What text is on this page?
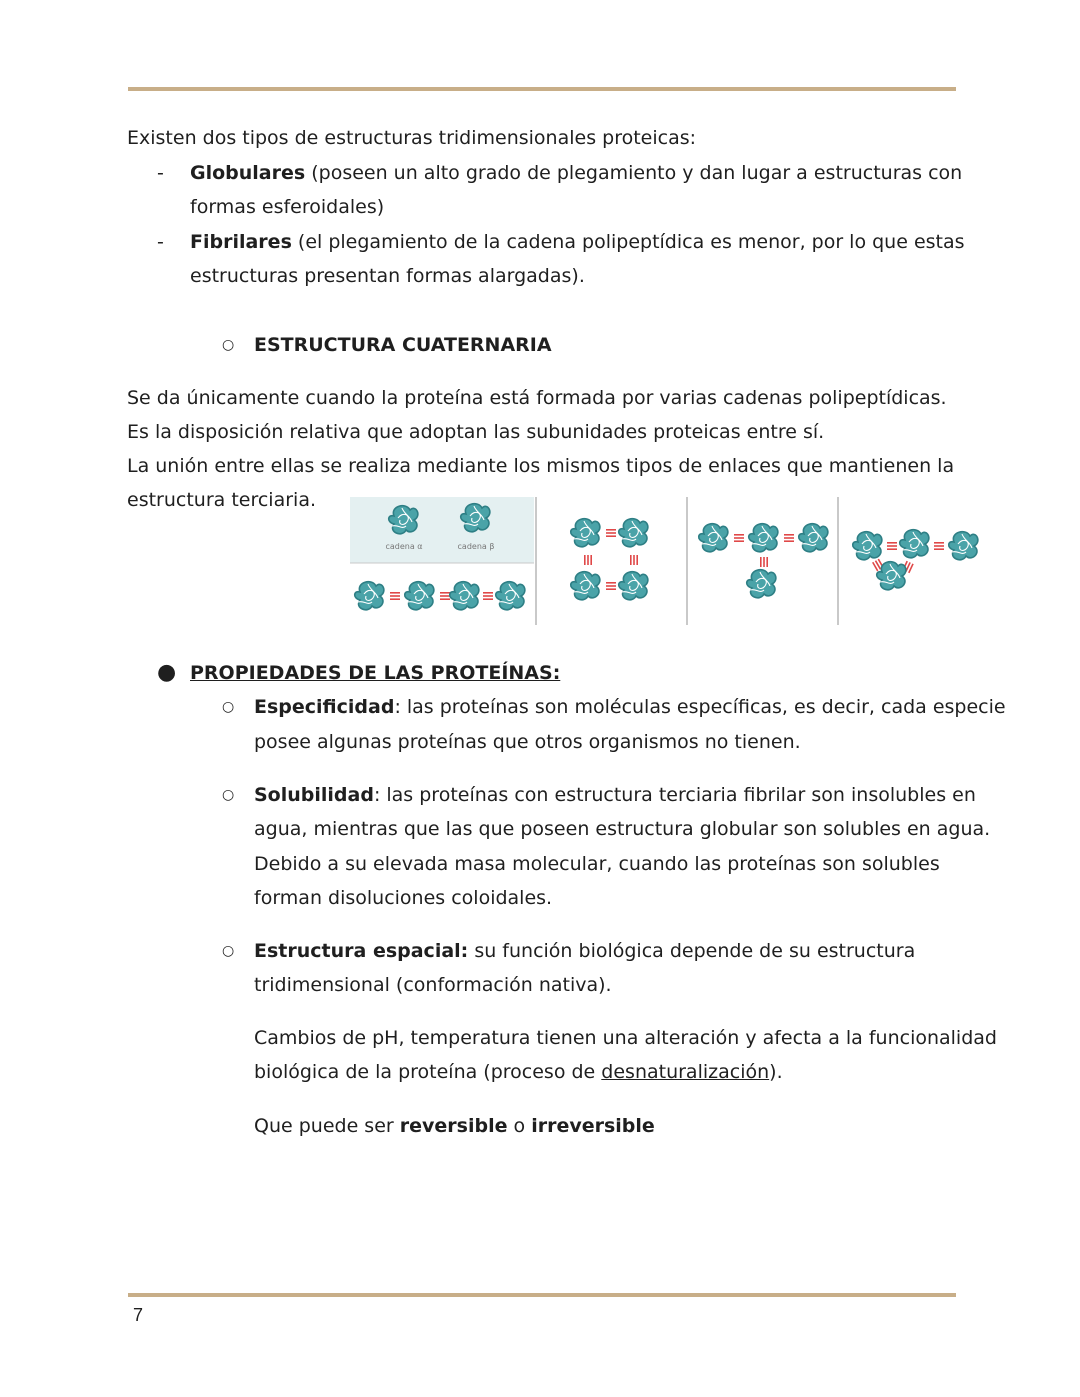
Existen dos tipos de estructuras tridimensionales proteicas:
- Globulares (poseen un alto grado de plegamiento y dan lugar a estructuras con
formas esferoidales)
- Fibrilares (el plegamiento de la cadena polipeptídica es menor, por lo que estas
estructuras presentan formas alargadas).
○ ESTRUCTURA CUATERNARIA
Se da únicamente cuando la proteína está formada por varias cadenas polipeptídicas.
Es la disposición relativa que adoptan las subunidades proteicas entre sí.
La unión entre ellas se realiza mediante los mismos tipos de enlaces que mantienen la
estructura terciaria.
cadena α	cadena β
● PROPIEDADES DE LAS PROTEÍNAS:
○ Especificidad: las proteínas son moléculas específicas, es decir, cada especie
posee algunas proteínas que otros organismos no tienen.
○ Solubilidad: las proteínas con estructura terciaria fibrilar son insolubles en
agua, mientras que las que poseen estructura globular son solubles en agua.
Debido a su elevada masa molecular, cuando las proteínas son solubles
forman disoluciones coloidales.
○ Estructura espacial: su función biológica depende de su estructura
tridimensional (conformación nativa).
Cambios de pH, temperatura tienen una alteración y afecta a la funcionalidad
biológica de la proteína (proceso de desnaturalización).
Que puede ser reversible o irreversible
7
